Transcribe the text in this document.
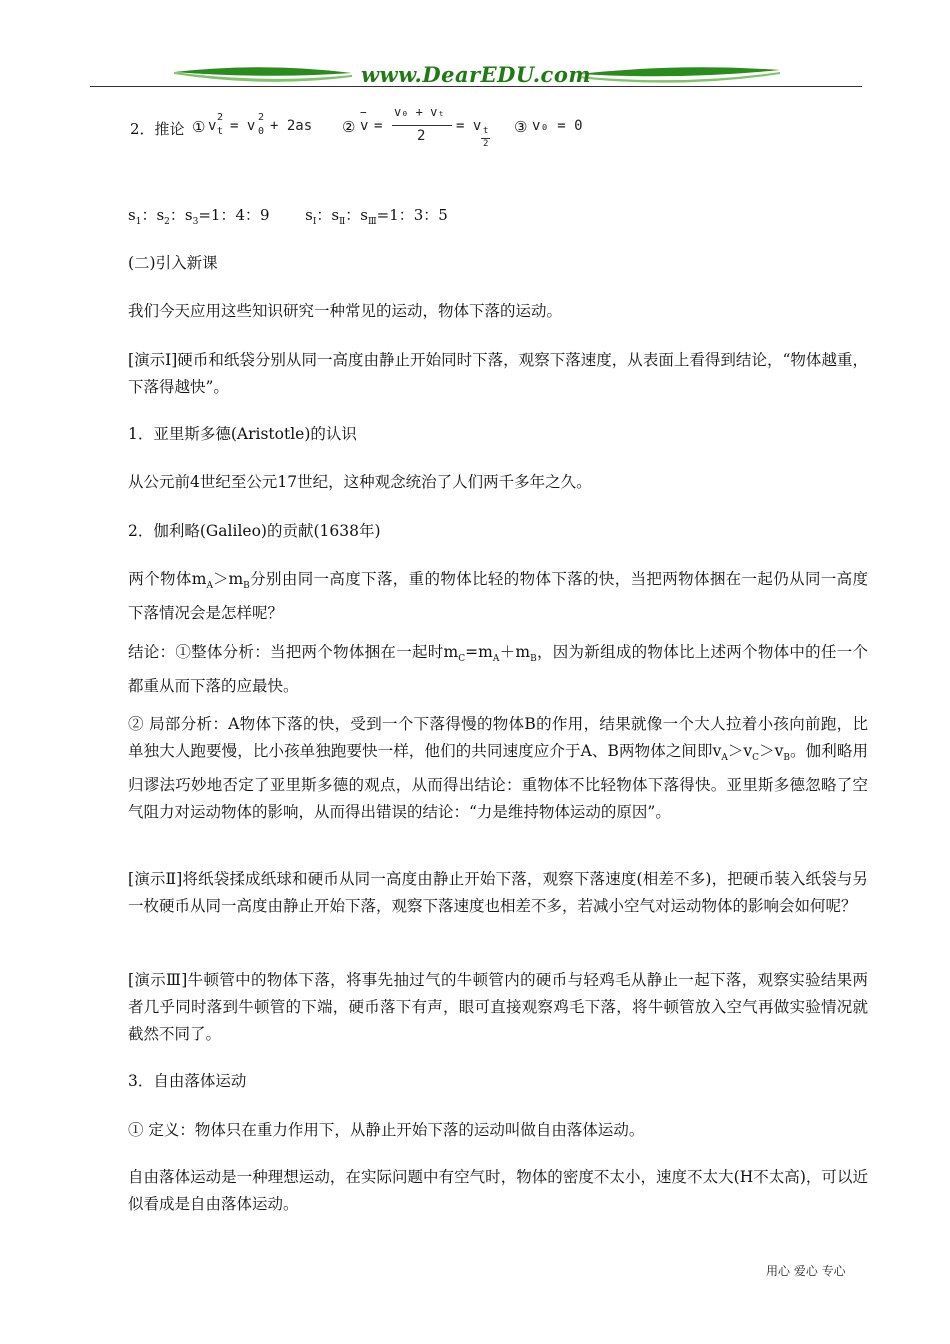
www.DearEDU.com
2．推论 ① v t
2
= v 0
2
+ 2as ② v
−
=
v₀ + vₜ
2
= v t
2
③ v₀ = 0
$s_1$：$s_2$：$s_3=1$：4：9 $s_Ⅰ$：$s_Ⅱ$：$s_Ⅲ=1$：3：5

(二)引入新课

我们今天应用这些知识研究一种常见的运动，物体下落的运动。

[演示Ⅰ]硬币和纸袋分别从同一高度由静止开始同时下落，观察下落速度，从表面上看得到结论，“物体越重，下落得越快”。

1．亚里斯多德(Aristotle)的认识

从公元前4世纪至公元17世纪，这种观念统治了人们两千多年之久。

2．伽利略(Galileo)的贡献(1638年)

两个物体$m_A>m_B$分别由同一高度下落，重的物体比轻的物体下落的快，当把两物体捆在一起仍从同一高度下落情况会是怎样呢？

结论：①整体分析：当把两个物体捆在一起时$m_C=m_A+m_B$，因为新组成的物体比上述两个物体中的任一个都重从而下落的应最快。

② 局部分析：A物体下落的快，受到一个下落得慢的物体B的作用，结果就像一个大人拉着小孩向前跑，比单独大人跑要慢，比小孩单独跑要快一样，他们的共同速度应介于A、B两物体之间即$v_A>v_C>v_B$。伽利略用归谬法巧妙地否定了亚里斯多德的观点，从而得出结论：重物体不比轻物体下落得快。亚里斯多德忽略了空气阻力对运动物体的影响，从而得出错误的结论：“力是维持物体运动的原因”。

[演示Ⅱ]将纸袋揉成纸球和硬币从同一高度由静止开始下落，观察下落速度(相差不多)，把硬币装入纸袋与另一枚硬币从同一高度由静止开始下落，观察下落速度也相差不多，若减小空气对运动物体的影响会如何呢？

[演示Ⅲ]牛顿管中的物体下落，将事先抽过气的牛顿管内的硬币与轻鸡毛从静止一起下落，观察实验结果两者几乎同时落到牛顿管的下端，硬币落下有声，眼可直接观察鸡毛下落，将牛顿管放入空气再做实验情况就截然不同了。

3．自由落体运动

① 定义：物体只在重力作用下，从静止开始下落的运动叫做自由落体运动。

自由落体运动是一种理想运动，在实际问题中有空气时，物体的密度不太小，速度不太大(H不太高)，可以近似看成是自由落体运动。

用心 爱心 专心
